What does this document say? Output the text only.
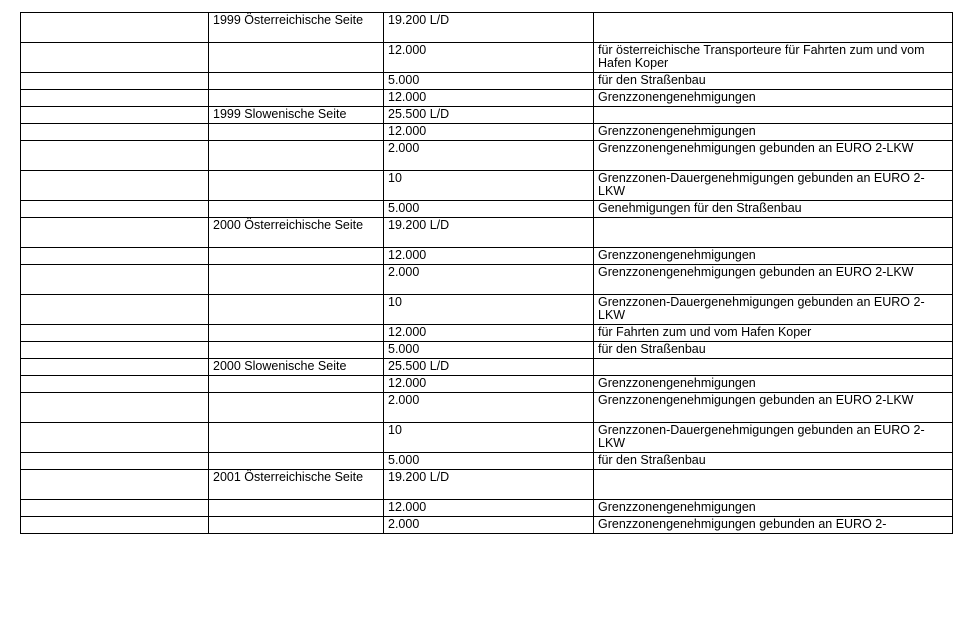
	1999 Österreichische Seite	19.200 L/D	
		12.000	für österreichische Transporteure für Fahrten zum und vom Hafen Koper
		5.000	für den Straßenbau
		12.000	Grenzzonengenehmigungen
	1999 Slowenische Seite	25.500 L/D	
		12.000	Grenzzonengenehmigungen
		2.000	Grenzzonengenehmigungen gebunden an EURO 2-LKW
		10	Grenzzonen-Dauergenehmigungen gebunden an EURO 2-LKW
		5.000	Genehmigungen für den Straßenbau
	2000 Österreichische Seite	19.200 L/D	
		12.000	Grenzzonengenehmigungen
		2.000	Grenzzonengenehmigungen gebunden an EURO 2-LKW
		10	Grenzzonen-Dauergenehmigungen gebunden an EURO 2-LKW
		12.000	für Fahrten zum und vom Hafen Koper
		5.000	für den Straßenbau
	2000 Slowenische Seite	25.500 L/D	
		12.000	Grenzzonengenehmigungen
		2.000	Grenzzonengenehmigungen gebunden an EURO 2-LKW
		10	Grenzzonen-Dauergenehmigungen gebunden an EURO 2-LKW
		5.000	für den Straßenbau
	2001 Österreichische Seite	19.200 L/D	
		12.000	Grenzzonengenehmigungen
		2.000	Grenzzonengenehmigungen gebunden an EURO 2-
